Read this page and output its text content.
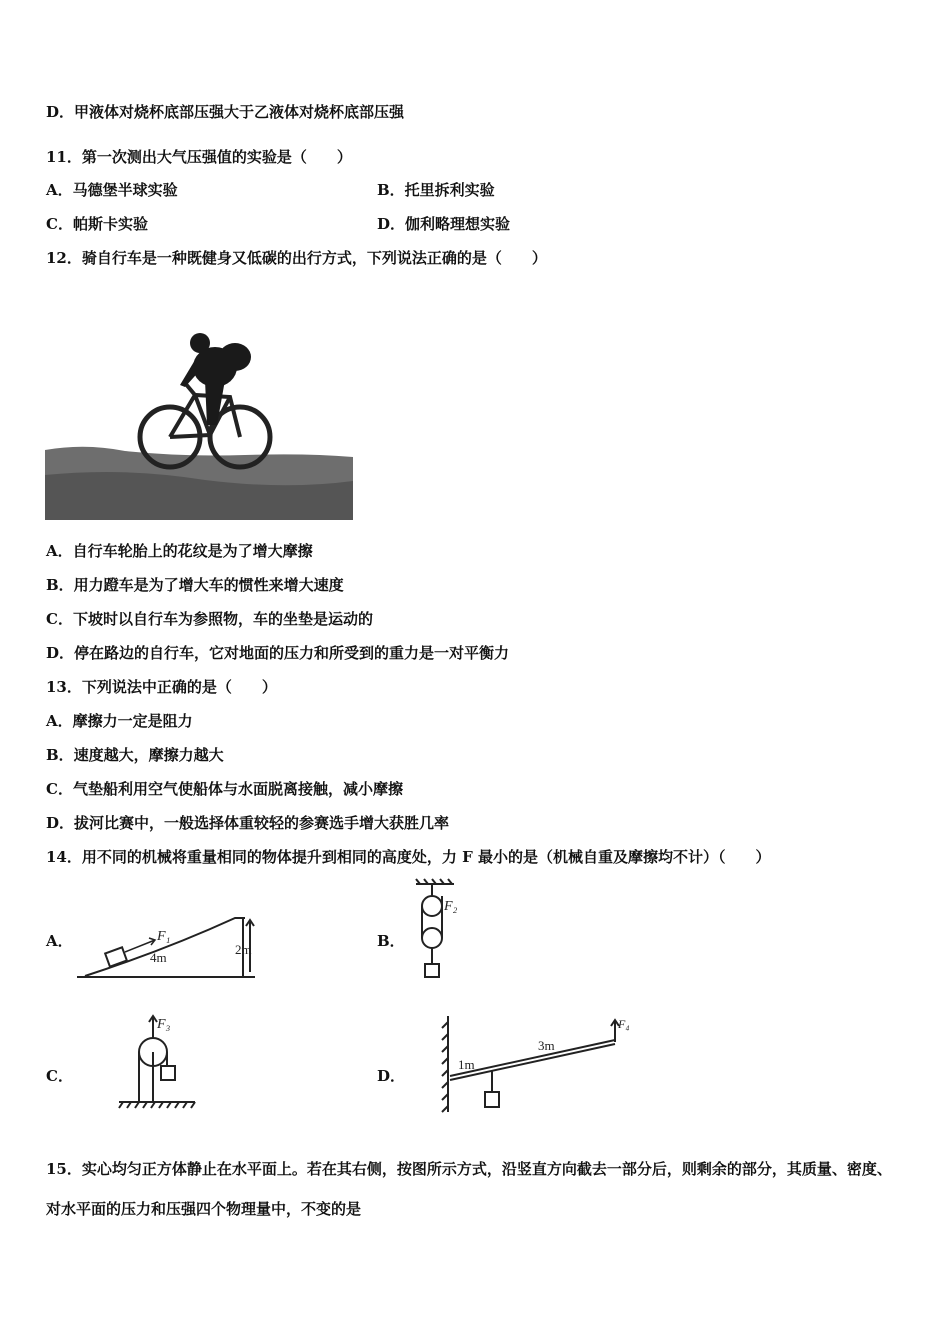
D．甲液体对烧杯底部压强大于乙液体对烧杯底部压强
11．第一次测出大气压强值的实验是（　　）
A．马德堡半球实验	B．托里拆利实验
C．帕斯卡实验	D．伽利略理想实验
12．骑自行车是一种既健身又低碳的出行方式，下列说法正确的是（　　）
A．自行车轮胎上的花纹是为了增大摩擦
B．用力蹬车是为了增大车的惯性来增大速度
C．下坡时以自行车为参照物，车的坐垫是运动的
D．停在路边的自行车，它对地面的压力和所受到的重力是一对平衡力
13．下列说法中正确的是（　　）
A．摩擦力一定是阻力
B．速度越大，摩擦力越大
C．气垫船利用空气使船体与水面脱离接触，减小摩擦
D．拔河比赛中，一般选择体重较轻的参赛选手增大获胜几率
14．用不同的机械将重量相同的物体提升到相同的高度处，力 F 最小的是（机械自重及摩擦均不计）（　　）
A．	F₁
4m
2m	B．
F₂
C．
F₃
D．
1m
3m
F₄
15．实心均匀正方体静止在水平面上。若在其右侧，按图所示方式，沿竖直方向截去一部分后，则剩余的部分，其质量、密度、对水平面的压力和压强四个物理量中，不变的是
